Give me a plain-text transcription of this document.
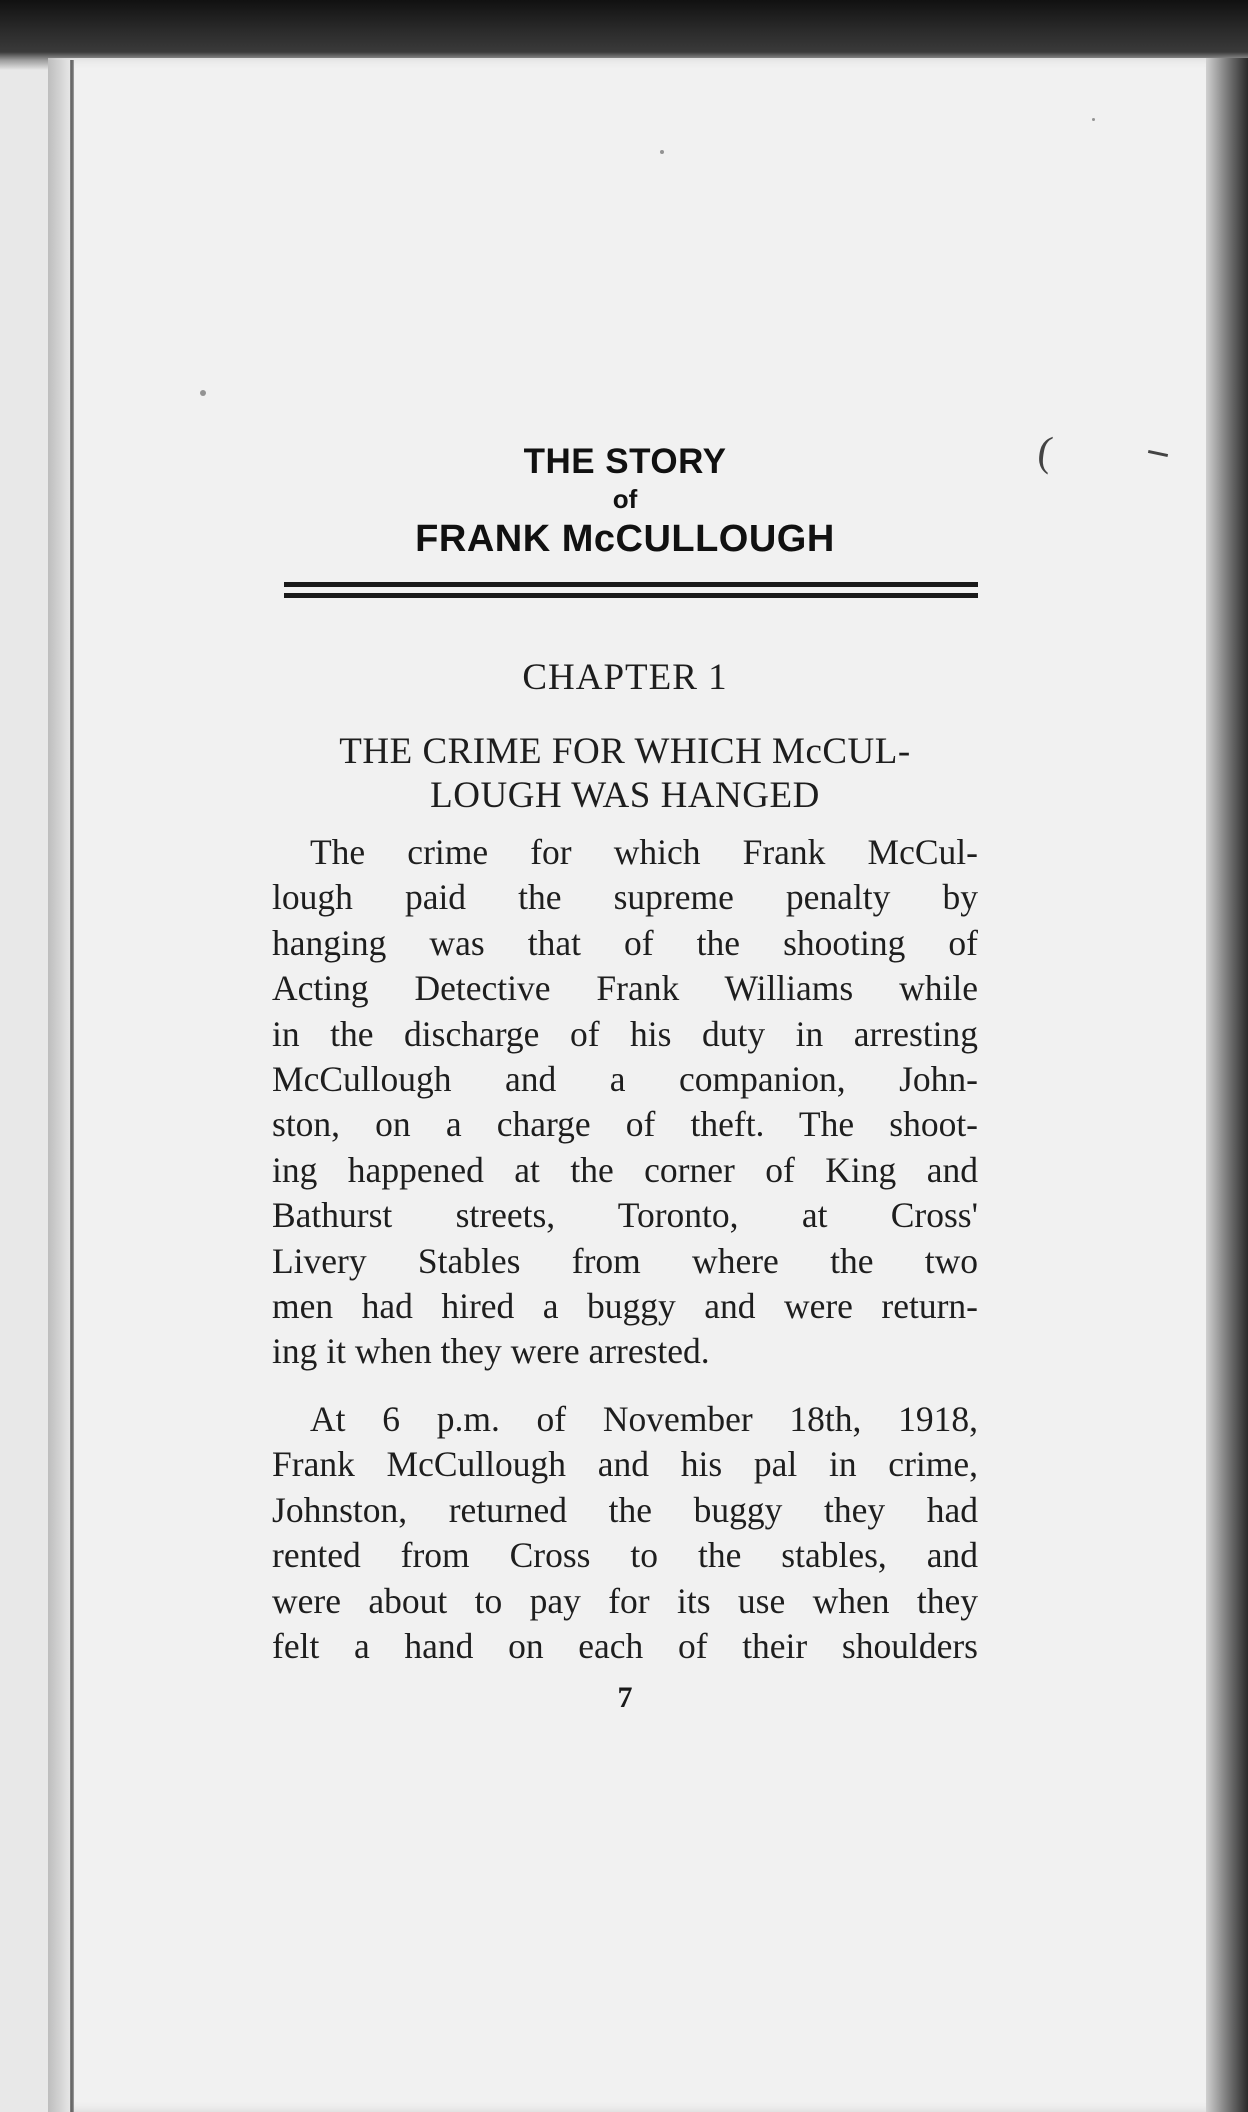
(
THE STORY
of
FRANK McCULLOUGH
CHAPTER 1
THE CRIME FOR WHICH McCUL-
LOUGH WAS HANGED

The crime for which Frank McCul-
lough paid the supreme penalty by
hanging was that of the shooting of
Acting Detective Frank Williams while
in the discharge of his duty in arresting
McCullough and a companion, John-
ston, on a charge of theft. The shoot-
ing happened at the corner of King and
Bathurst streets, Toronto, at Cross'
Livery Stables from where the two
men had hired a buggy and were return-
ing it when they were arrested.

At 6 p.m. of November 18th, 1918,
Frank McCullough and his pal in crime,
Johnston, returned the buggy they had
rented from Cross to the stables, and
were about to pay for its use when they
felt a hand on each of their shoulders

7
